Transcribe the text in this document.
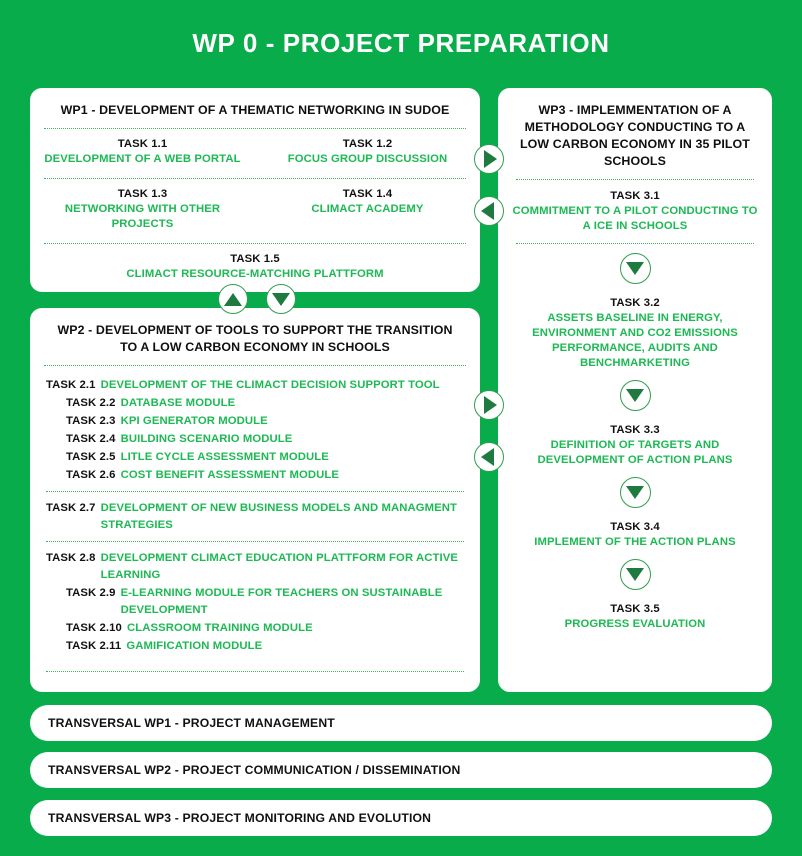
WP 0 - PROJECT PREPARATION
WP1 - DEVELOPMENT OF A THEMATIC NETWORKING IN SUDOE
TASK 1.1
DEVELOPMENT OF A WEB PORTAL
TASK 1.2
FOCUS GROUP DISCUSSION
TASK 1.3
NETWORKING WITH OTHER PROJECTS
TASK 1.4
CLIMACT ACADEMY
TASK 1.5
CLIMACT RESOURCE-MATCHING PLATTFORM
WP2 - DEVELOPMENT OF TOOLS TO SUPPORT THE TRANSITION TO A LOW CARBON ECONOMY IN SCHOOLS
TASK 2.1 DEVELOPMENT OF THE CLIMACT DECISION SUPPORT TOOL
TASK 2.2 DATABASE MODULE
TASK 2.3 KPI GENERATOR MODULE
TASK 2.4 BUILDING SCENARIO MODULE
TASK 2.5 LITLE CYCLE ASSESSMENT MODULE
TASK 2.6 COST BENEFIT ASSESSMENT MODULE
TASK 2.7 DEVELOPMENT OF NEW BUSINESS MODELS AND MANAGMENT STRATEGIES
TASK 2.8 DEVELOPMENT CLIMACT EDUCATION PLATTFORM FOR ACTIVE LEARNING
TASK 2.9 E-LEARNING MODULE FOR TEACHERS ON SUSTAINABLE DEVELOPMENT
TASK 2.10 CLASSROOM TRAINING MODULE
TASK 2.11 GAMIFICATION MODULE
WP3 - IMPLEMMENTATION OF A METHODOLOGY CONDUCTING TO A LOW CARBON ECONOMY IN 35 PILOT SCHOOLS
TASK 3.1
COMMITMENT TO A PILOT CONDUCTING TO A ICE IN SCHOOLS
TASK 3.2
ASSETS BASELINE IN ENERGY, ENVIRONMENT AND CO2 EMISSIONS PERFORMANCE, AUDITS AND BENCHMARKETING
TASK 3.3
DEFINITION OF TARGETS AND DEVELOPMENT OF ACTION PLANS
TASK 3.4
IMPLEMENT OF THE ACTION PLANS
TASK 3.5
PROGRESS EVALUATION
TRANSVERSAL WP1 - PROJECT MANAGEMENT
TRANSVERSAL WP2 - PROJECT COMMUNICATION / DISSEMINATION
TRANSVERSAL WP3 - PROJECT MONITORING AND EVOLUTION
